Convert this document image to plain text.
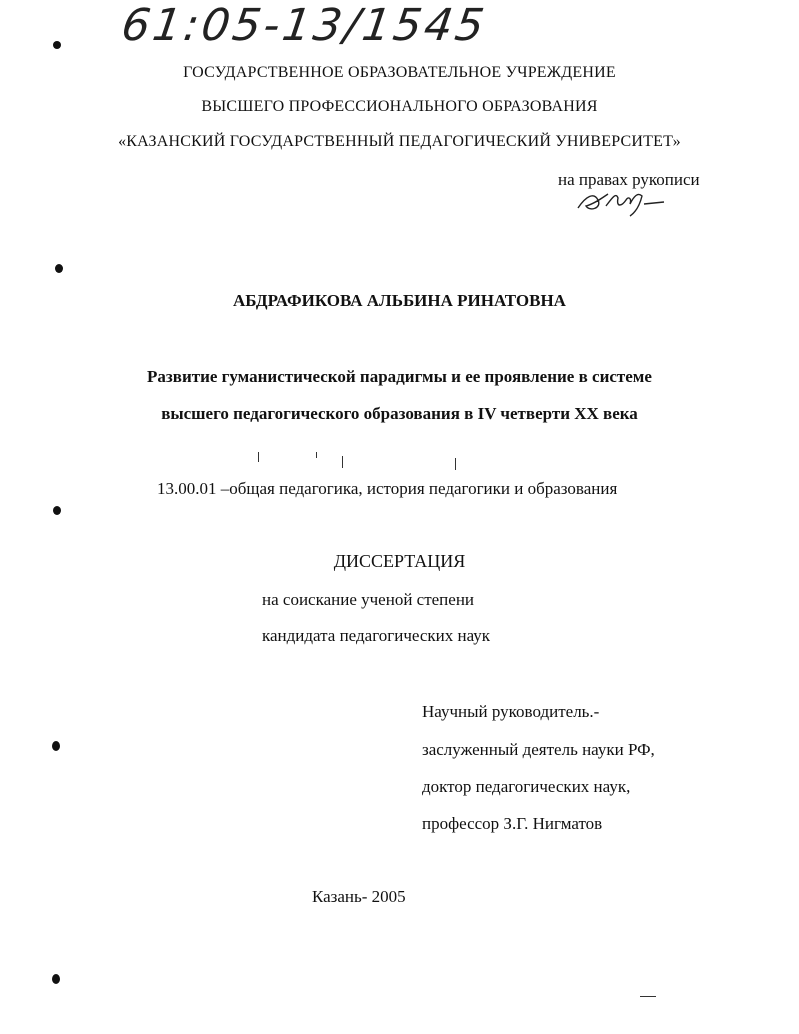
61:05-13/1545
ГОСУДАРСТВЕННОЕ ОБРАЗОВАТЕЛЬНОЕ УЧРЕЖДЕНИЕ
ВЫСШЕГО ПРОФЕССИОНАЛЬНОГО ОБРАЗОВАНИЯ
«КАЗАНСКИЙ ГОСУДАРСТВЕННЫЙ ПЕДАГОГИЧЕСКИЙ УНИВЕРСИТЕТ»
на правах рукописи
АБДРАФИКОВА АЛЬБИНА РИНАТОВНА
Развитие гуманистической парадигмы и ее проявление в системе
высшего педагогического образования в IV четверти XX века
13.00.01 –общая педагогика, история педагогики и образования
ДИССЕРТАЦИЯ
на соискание ученой степени
кандидата педагогических наук
Научный руководитель.-
заслуженный деятель науки РФ,
доктор педагогических наук,
профессор З.Г. Нигматов
Казань- 2005
